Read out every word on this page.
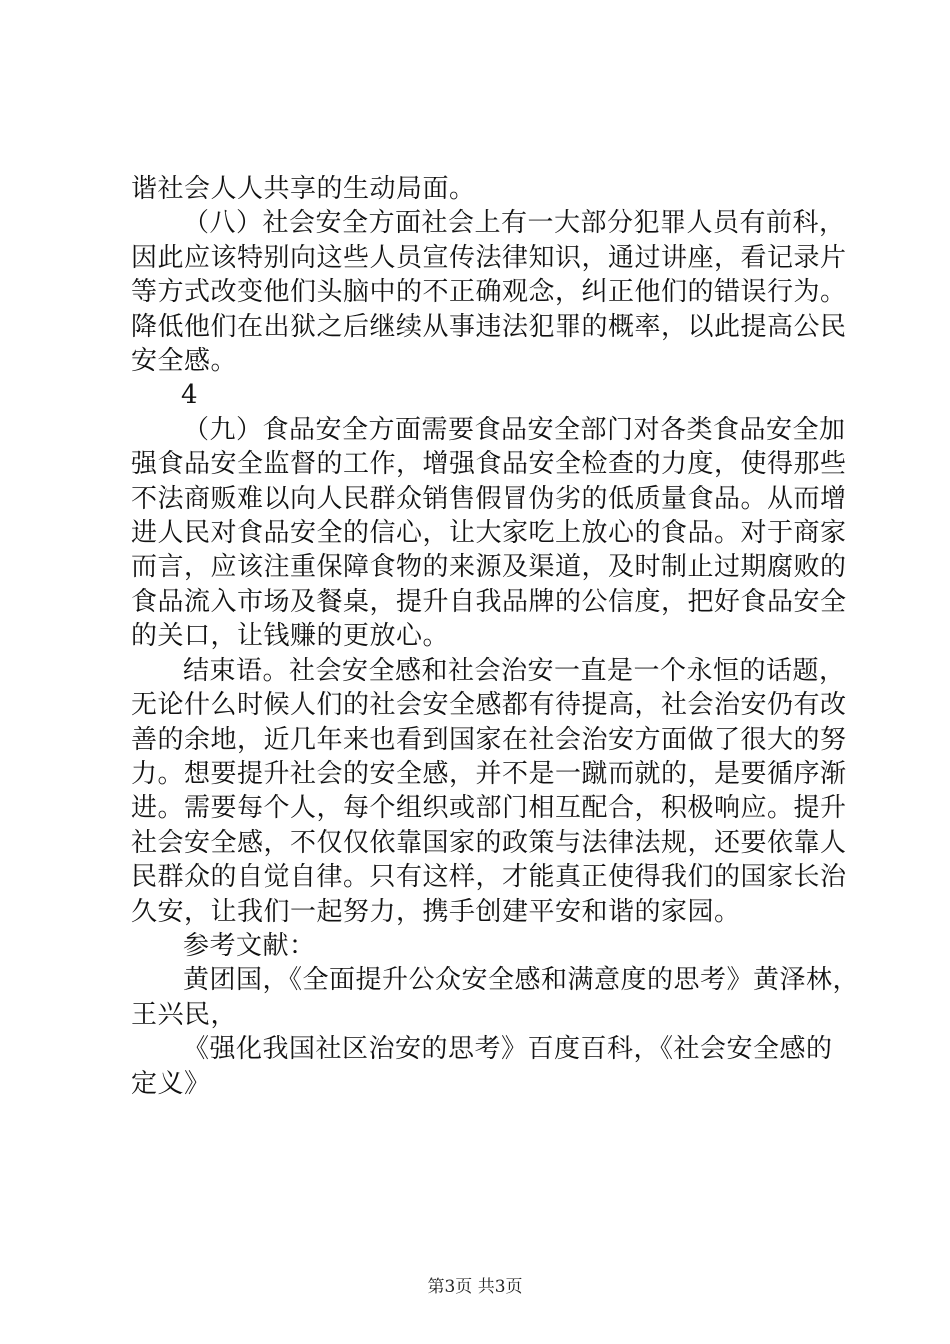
谐社会人人共享的生动局面。
（八）社会安全方面社会上有一大部分犯罪人员有前科，
因此应该特别向这些人员宣传法律知识，通过讲座，看记录片
等方式改变他们头脑中的不正确观念，纠正他们的错误行为。
降低他们在出狱之后继续从事违法犯罪的概率，以此提高公民
安全感。
4
（九）食品安全方面需要食品安全部门对各类食品安全加
强食品安全监督的工作，增强食品安全检查的力度，使得那些
不法商贩难以向人民群众销售假冒伪劣的低质量食品。从而增
进人民对食品安全的信心，让大家吃上放心的食品。对于商家
而言，应该注重保障食物的来源及渠道，及时制止过期腐败的
食品流入市场及餐桌，提升自我品牌的公信度，把好食品安全
的关口，让钱赚的更放心。
结束语。社会安全感和社会治安一直是一个永恒的话题，
无论什么时候人们的社会安全感都有待提高，社会治安仍有改
善的余地，近几年来也看到国家在社会治安方面做了很大的努
力。想要提升社会的安全感，并不是一蹴而就的，是要循序渐
进。需要每个人，每个组织或部门相互配合，积极响应。提升
社会安全感，不仅仅依靠国家的政策与法律法规，还要依靠人
民群众的自觉自律。只有这样，才能真正使得我们的国家长治
久安，让我们一起努力，携手创建平安和谐的家园。
参考文献：
黄团国，《全面提升公众安全感和满意度的思考》黄泽林，
王兴民，
《强化我国社区治安的思考》百度百科，《社会安全感的
定义》
第3页 共3页
